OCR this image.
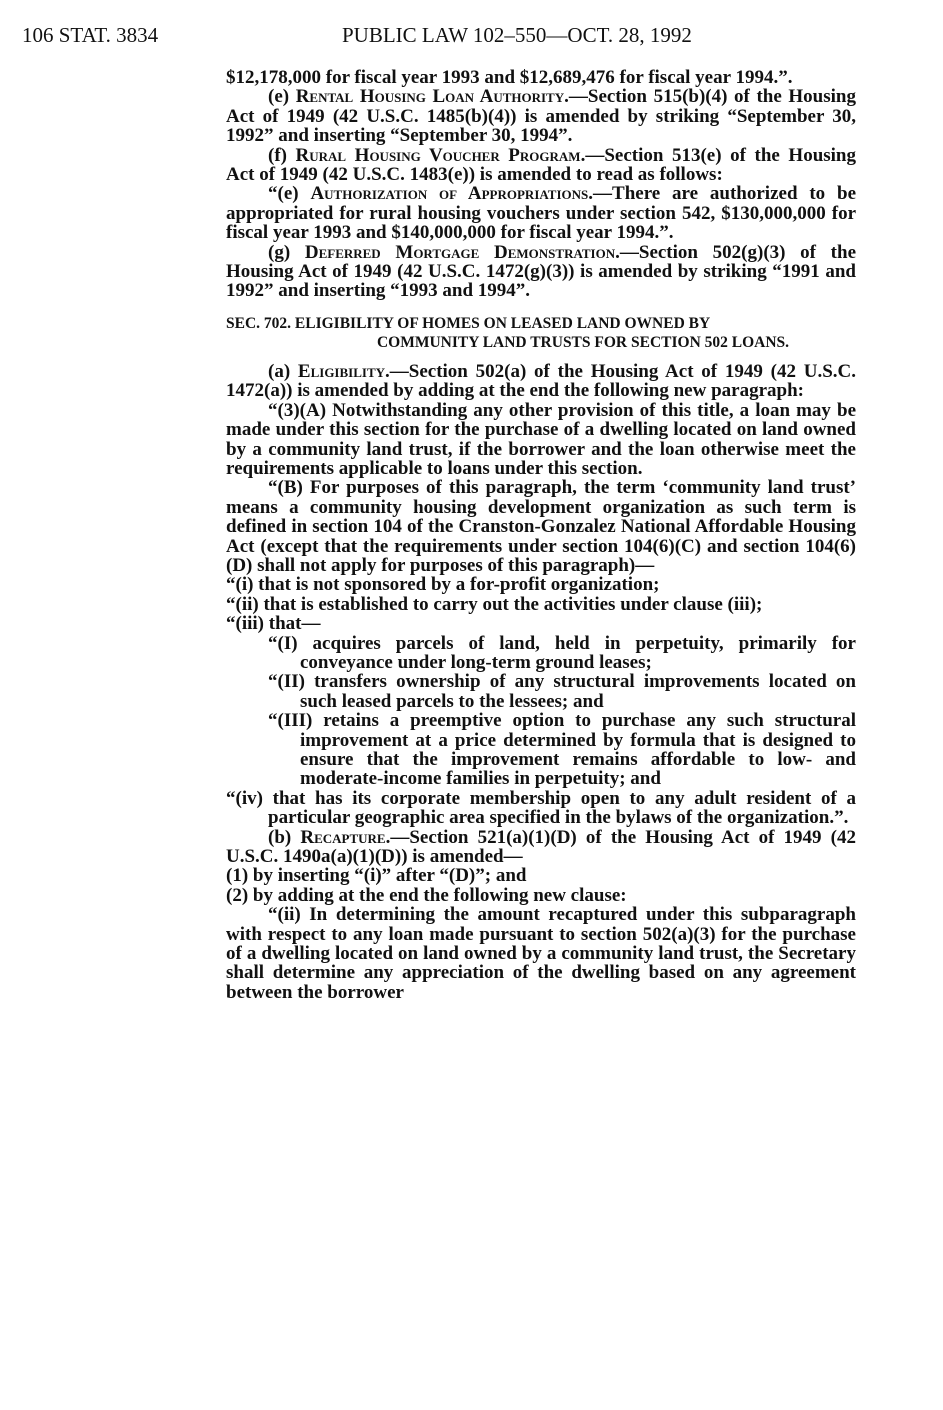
106 STAT. 3834	PUBLIC LAW 102–550—OCT. 28, 1992

$12,178,000 for fiscal year 1993 and $12,689,476 for fiscal year 1994.”.

(e) Rental Housing Loan Authority.—Section 515(b)(4) of the Housing Act of 1949 (42 U.S.C. 1485(b)(4)) is amended by striking “September 30, 1992” and inserting “September 30, 1994”.

(f) Rural Housing Voucher Program.—Section 513(e) of the Housing Act of 1949 (42 U.S.C. 1483(e)) is amended to read as follows:

“(e) Authorization of Appropriations.—There are authorized to be appropriated for rural housing vouchers under section 542, $130,000,000 for fiscal year 1993 and $140,000,000 for fiscal year 1994.”.

(g) Deferred Mortgage Demonstration.—Section 502(g)(3) of the Housing Act of 1949 (42 U.S.C. 1472(g)(3)) is amended by striking “1991 and 1992” and inserting “1993 and 1994”.

SEC. 702. ELIGIBILITY OF HOMES ON LEASED LAND OWNED BY
COMMUNITY LAND TRUSTS FOR SECTION 502 LOANS.

(a) Eligibility.—Section 502(a) of the Housing Act of 1949 (42 U.S.C. 1472(a)) is amended by adding at the end the following new paragraph:

“(3)(A) Notwithstanding any other provision of this title, a loan may be made under this section for the purchase of a dwelling located on land owned by a community land trust, if the borrower and the loan otherwise meet the requirements applicable to loans under this section.

“(B) For purposes of this paragraph, the term ‘community land trust’ means a community housing development organization as such term is defined in section 104 of the Cranston-Gonzalez National Affordable Housing Act (except that the requirements under section 104(6)(C) and section 104(6)(D) shall not apply for purposes of this paragraph)—

“(i) that is not sponsored by a for-profit organization;

“(ii) that is established to carry out the activities under clause (iii);

“(iii) that—

“(I) acquires parcels of land, held in perpetuity, primarily for conveyance under long-term ground leases;

“(II) transfers ownership of any structural improvements located on such leased parcels to the lessees; and

“(III) retains a preemptive option to purchase any such structural improvement at a price determined by formula that is designed to ensure that the improvement remains affordable to low- and moderate-income families in perpetuity; and

“(iv) that has its corporate membership open to any adult resident of a particular geographic area specified in the bylaws of the organization.”.

(b) Recapture.—Section 521(a)(1)(D) of the Housing Act of 1949 (42 U.S.C. 1490a(a)(1)(D)) is amended—

(1) by inserting “(i)” after “(D)”; and

(2) by adding at the end the following new clause:

“(ii) In determining the amount recaptured under this subparagraph with respect to any loan made pursuant to section 502(a)(3) for the purchase of a dwelling located on land owned by a community land trust, the Secretary shall determine any appreciation of the dwelling based on any agreement between the borrower
